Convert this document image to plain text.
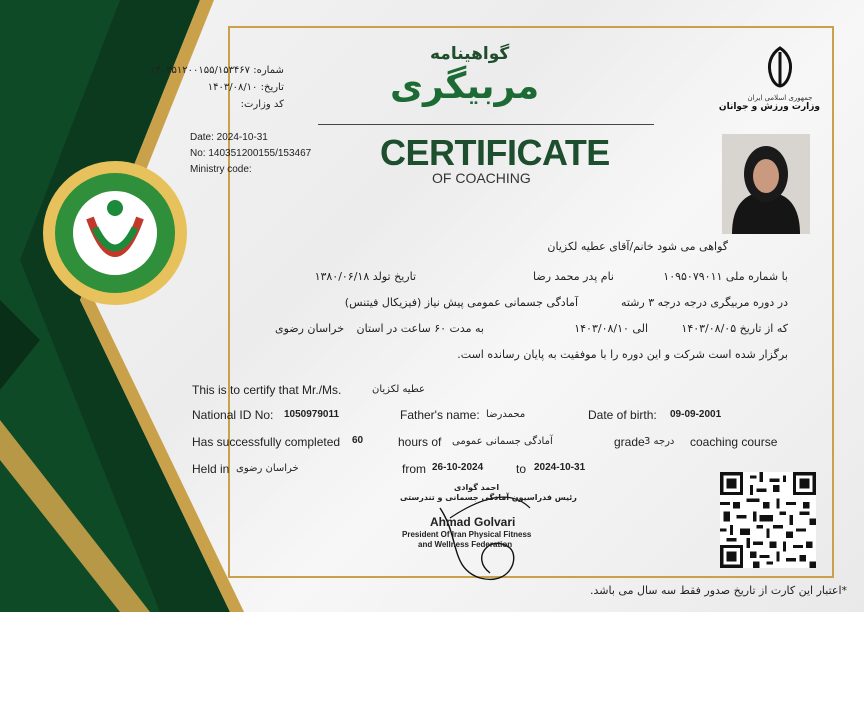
شماره: ۱۴۰۳۵۱۲۰۰۱۵۵/۱۵۳۴۶۷
تاریخ: ۱۴۰۳/۰۸/۱۰
کد وزارت:
Date: 2024-10-31
No: 140351200155/153467
Ministry code:
گواهینامه
مربیگری
CERTIFICATE
OF COACHING
جمهوری اسلامی ایران
وزارت ورزش و جوانان
گواهی می شود خانم/آقای عطیه لکزیان
با شماره ملی ۱۰۹۵۰۷۹۰۱۱
نام پدر محمد رضا
تاریخ تولد ۱۳۸۰/۰۶/۱۸
در دوره مربیگری درجه درجه ۳ رشته
آمادگی جسمانی عمومی پیش نیاز (فیزیکال فیتنس)
که از تاریخ ۱۴۰۳/۰۸/۰۵
الی ۱۴۰۳/۰۸/۱۰
به مدت ۶۰ ساعت در استان
خراسان رضوی
برگزار شده است شرکت و این دوره را با موفقیت به پایان رسانده است.
This is to certify that Mr./Ms.	عطیه لکزیان
National ID No: 1050979011	Father's name: محمدرضا	Date of birth: 09-09-2001
Has successfully completed 60	hours of آمادگی جسمانی عمومی	grade درجه 3 coaching course
Held in خراسان رضوی	from 26-10-2024	to 2024-10-31
احمد گوادی
رئیس فدراسیون آمادگی جسمانی و تندرستی
Ahmad Golvari
President Of Iran Physical Fitness
and Wellness Federation
*اعتبار این کارت از تاریخ صدور فقط سه سال می باشد.
